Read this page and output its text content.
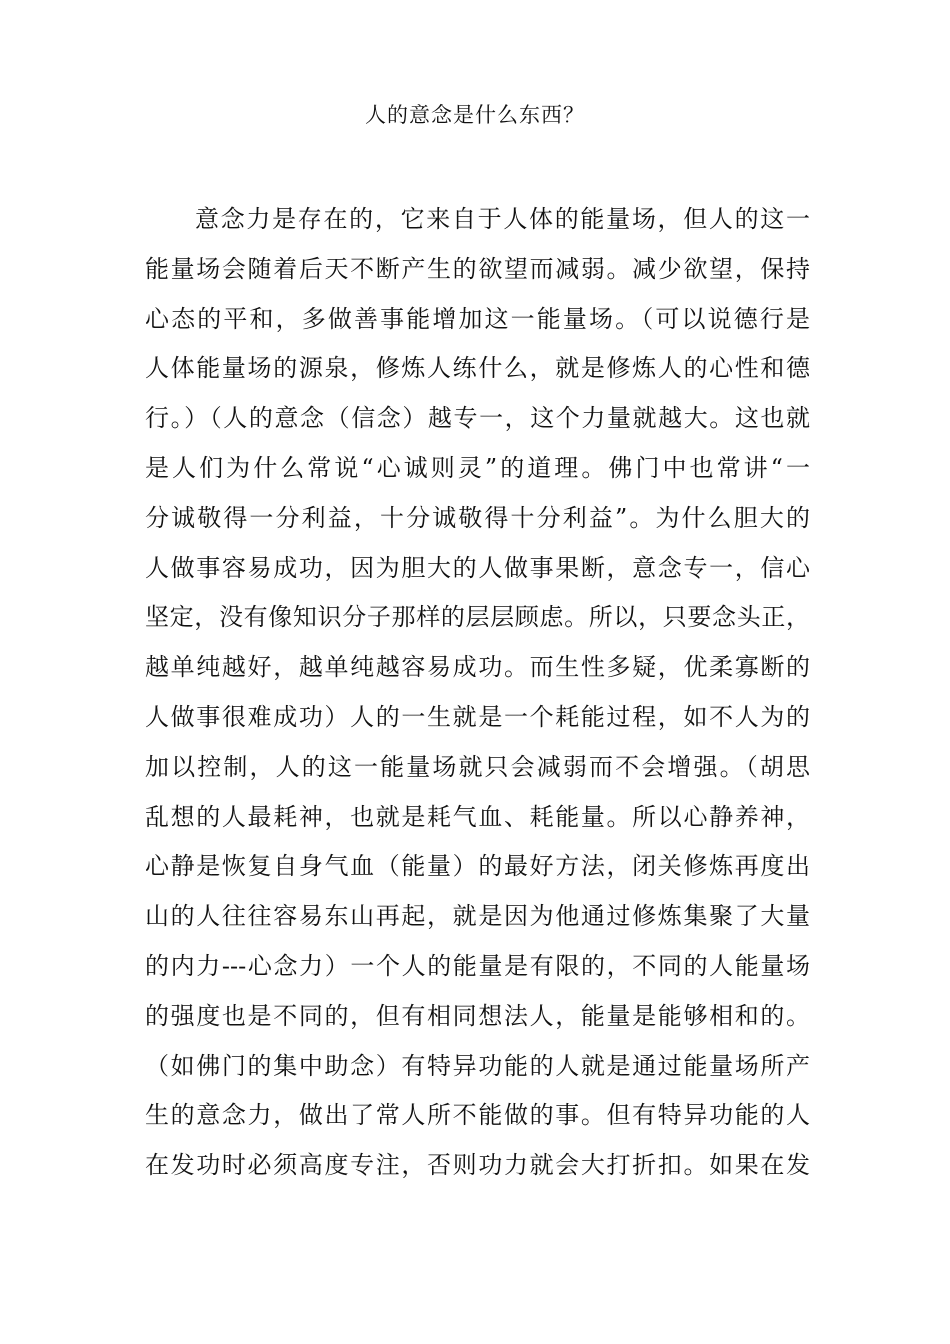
人的意念是什么东西？
意念力是存在的，它来自于人体的能量场，但人的这一
能量场会随着后天不断产生的欲望而减弱。减少欲望，保持
心态的平和，多做善事能增加这一能量场。（可以说德行是
人体能量场的源泉，修炼人练什么，就是修炼人的心性和德
行。）（人的意念（信念）越专一，这个力量就越大。这也就
是人们为什么常说“心诚则灵”的道理。佛门中也常讲“一
分诚敬得一分利益，十分诚敬得十分利益”。为什么胆大的
人做事容易成功，因为胆大的人做事果断，意念专一，信心
坚定，没有像知识分子那样的层层顾虑。所以，只要念头正，
越单纯越好，越单纯越容易成功。而生性多疑，优柔寡断的
人做事很难成功）人的一生就是一个耗能过程，如不人为的
加以控制，人的这一能量场就只会减弱而不会增强。（胡思
乱想的人最耗神，也就是耗气血、耗能量。所以心静养神，
心静是恢复自身气血（能量）的最好方法，闭关修炼再度出
山的人往往容易东山再起，就是因为他通过修炼集聚了大量
的内力---心念力）一个人的能量是有限的，不同的人能量场
的强度也是不同的，但有相同想法人，能量是能够相和的。
（如佛门的集中助念）有特异功能的人就是通过能量场所产
生的意念力，做出了常人所不能做的事。但有特异功能的人
在发功时必须高度专注，否则功力就会大打折扣。如果在发
